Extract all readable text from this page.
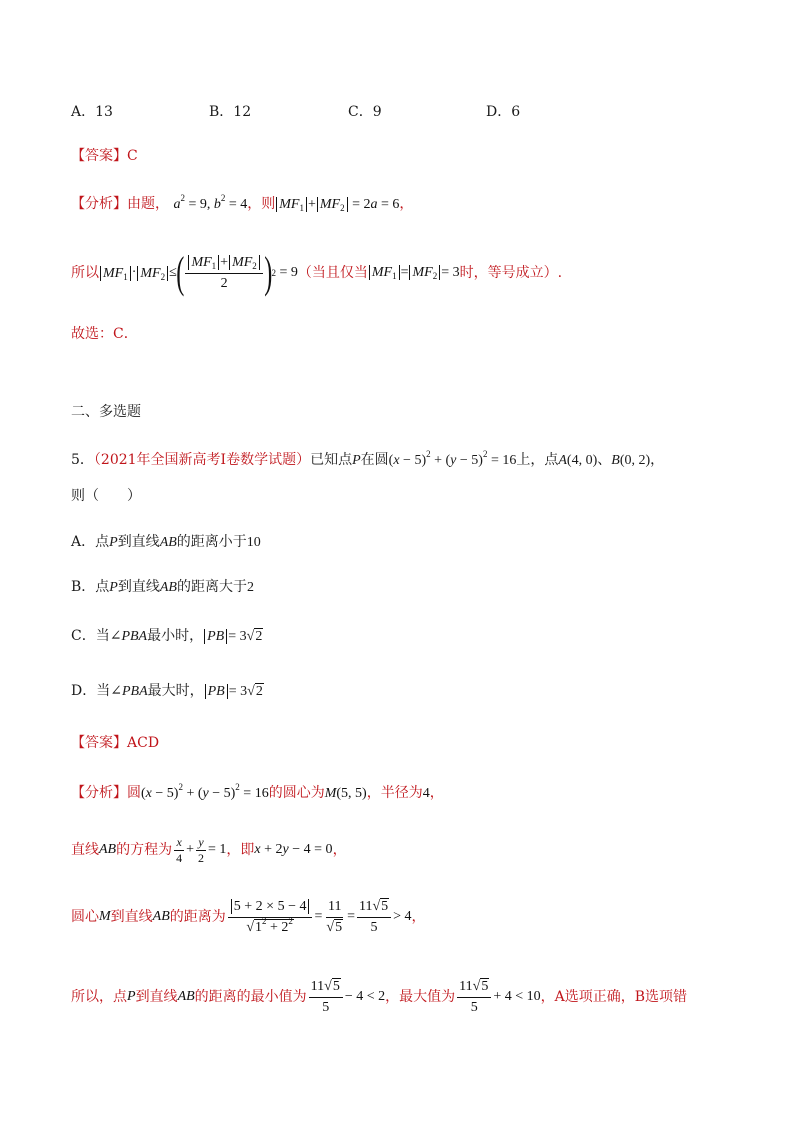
A．13	B．12	C．9	D．6
【答案】C
【分析】由题， $a^2 = 9$, $b^2 = 4$，则 $MF_1 + MF_2 = 2a = 6$，
所以 $MF_1 \cdot MF_2$ ≤ ( $\frac{MF_1 + MF_2}{2}$ ) 2 = 9 （当且仅当 $MF_1 = MF_2 = 3$ 时，等号成立）.
故选：C．
二、多选题
5．（2021年全国新高考Ⅰ卷数学试题）已知点P在圆$(x - 5)^2 + (y - 5)^2 = 16$上，点A(4, 0)、B(0, 2)，
则（　　）
A．点P到直线AB的距离小于10
B．点P到直线AB的距离大于2
C．当∠PBA最小时， PB = 3√2
D．当∠PBA最大时， PB = 3√2
【答案】ACD
【分析】圆$(x - 5)^2 + (y - 5)^2 = 16$的圆心为M(5, 5)，半径为4，
直线 AB 的方程为 $\frac{x}{4} + \frac{y}{2} = 1$ ，即 x + 2y − 4 = 0 ，
圆心 M 到直线 AB 的距离为 $\frac{5 + 2 \times 5 - 4}{√1^2 + 2^2} = \frac{11}{√5} = \frac{11√5}{5} > 4$ ，
所以，点 P 到直线 AB 的距离的最小值为 $\frac{11√5}{5} - 4 < 2$ ，最大值为 $\frac{11√5}{5} + 4 < 10$ ，A选项正确，B选项错
